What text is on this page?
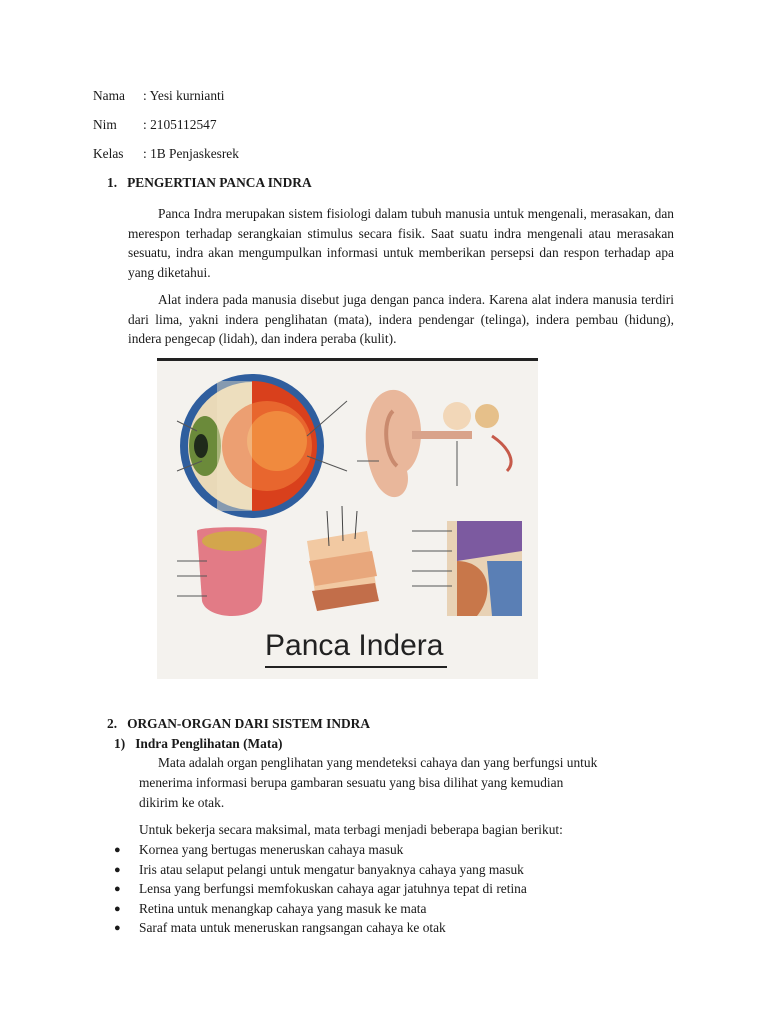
Nama : Yesi kurnianti
Nim : 2105112547
Kelas : 1B Penjaskesrek
1.   PENGERTIAN PANCA INDRA
Panca Indra merupakan sistem fisiologi dalam tubuh manusia untuk mengenali, merasakan, dan merespon terhadap serangkaian stimulus secara fisik. Saat suatu indra mengenali atau merasakan sesuatu, indra akan mengumpulkan informasi untuk memberikan persepsi dan respon terhadap apa yang diketahui.
Alat indera pada manusia disebut juga dengan panca indera. Karena alat indera manusia terdiri dari lima, yakni indera penglihatan (mata), indera pendengar (telinga), indera pembau (hidung), indera pengecap (lidah), dan indera peraba (kulit).
Panca Indera
2.   ORGAN-ORGAN DARI SISTEM INDRA
1)   Indra Penglihatan (Mata)
Mata adalah organ penglihatan yang mendeteksi cahaya dan yang berfungsi untuk
menerima informasi berupa gambaran sesuatu yang bisa dilihat yang kemudian
dikirim ke otak.
Untuk bekerja secara maksimal, mata terbagi menjadi beberapa bagian berikut:
● Kornea yang bertugas meneruskan cahaya masuk
● Iris atau selaput pelangi untuk mengatur banyaknya cahaya yang masuk
● Lensa yang berfungsi memfokuskan cahaya agar jatuhnya tepat di retina
● Retina untuk menangkap cahaya yang masuk ke mata
● Saraf mata untuk meneruskan rangsangan cahaya ke otak
